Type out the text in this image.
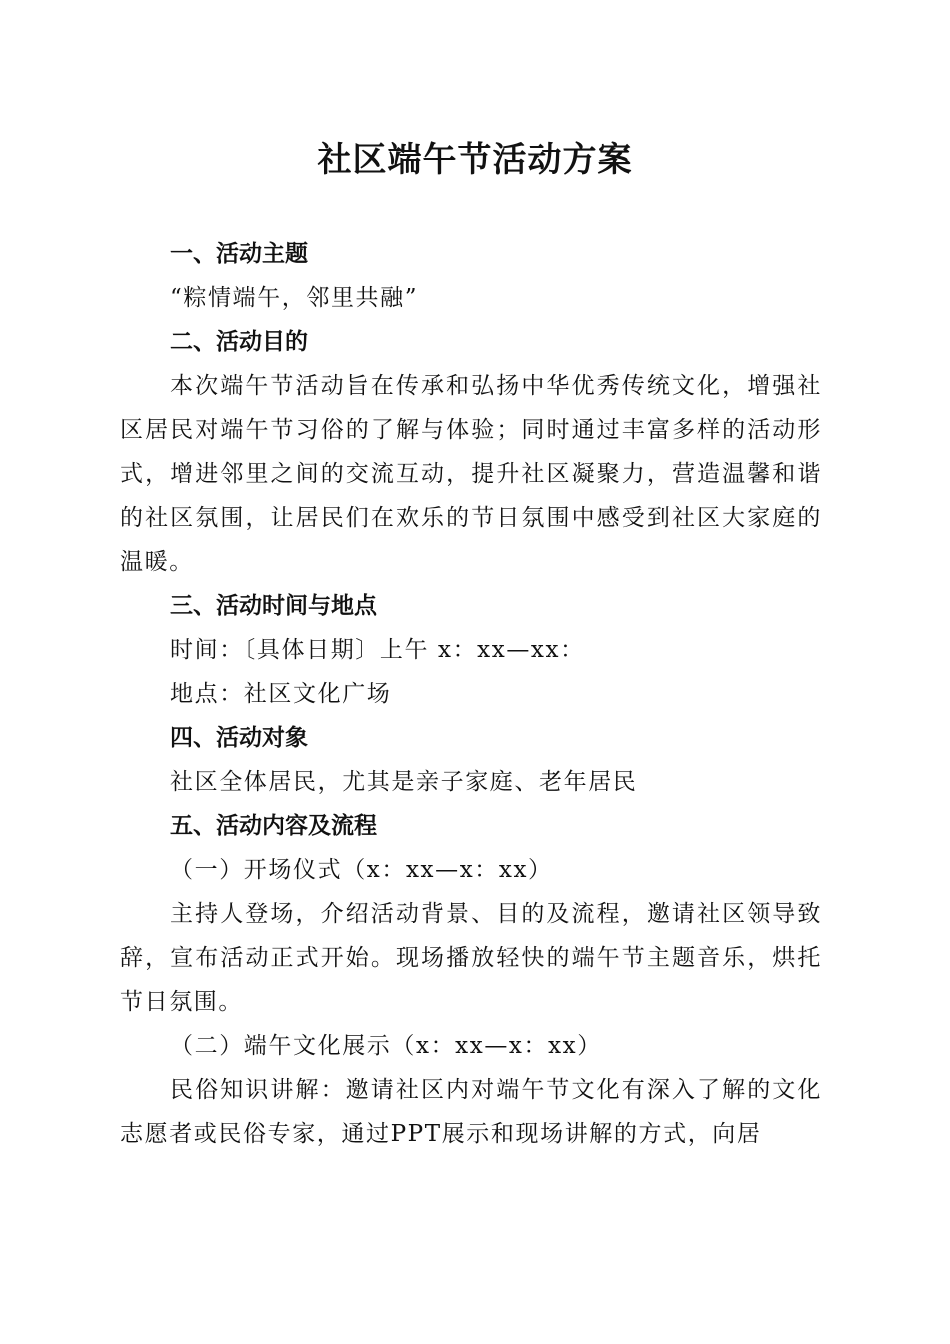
社区端午节活动方案

一、活动主题

“粽情端午，邻里共融”

二、活动目的

本次端午节活动旨在传承和弘扬中华优秀传统文化，增强社区居民对端午节习俗的了解与体验；同时通过丰富多样的活动形式，增进邻里之间的交流互动，提升社区凝聚力，营造温馨和谐的社区氛围，让居民们在欢乐的节日氛围中感受到社区大家庭的温暖。

三、活动时间与地点

时间：〔具体日期〕上午 x：xx—xx：

地点：社区文化广场

四、活动对象

社区全体居民，尤其是亲子家庭、老年居民

五、活动内容及流程

（一）开场仪式（x：xx—x：xx）

主持人登场，介绍活动背景、目的及流程，邀请社区领导致辞，宣布活动正式开始。现场播放轻快的端午节主题音乐，烘托节日氛围。

（二）端午文化展示（x：xx—x：xx）

民俗知识讲解：邀请社区内对端午节文化有深入了解的文化志愿者或民俗专家，通过PPT展示和现场讲解的方式，向居
